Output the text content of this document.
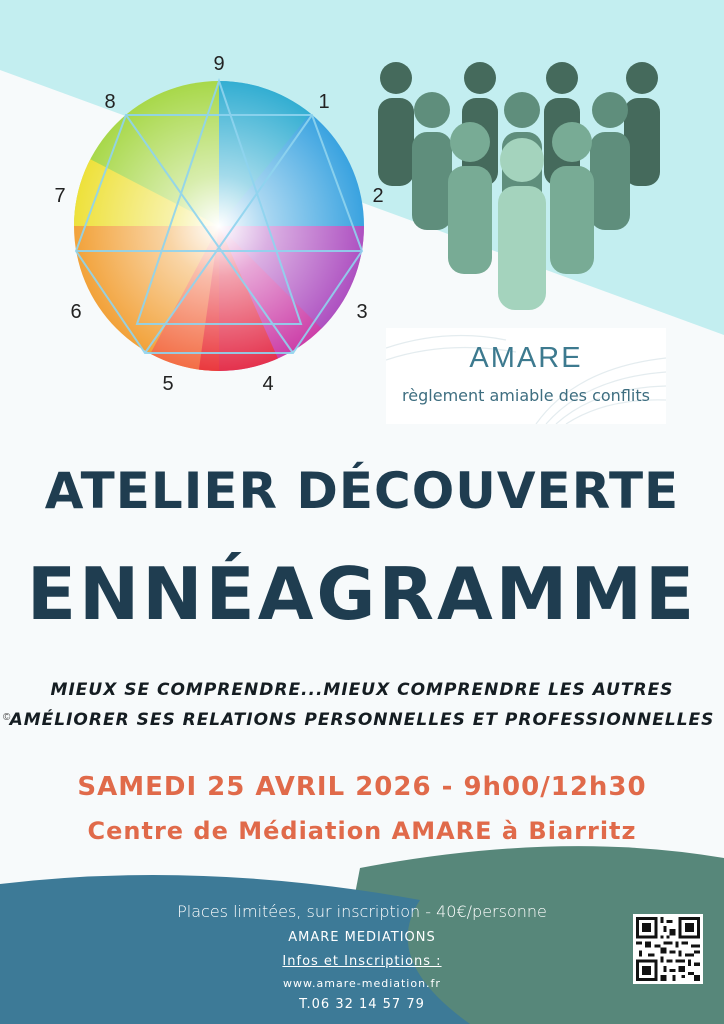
9
1
2
3
4
5
6
7
8
AMARE
règlement amiable des conflits
ATELIER DÉCOUVERTE
ENNÉAGRAMME
MIEUX SE COMPRENDRE...MIEUX COMPRENDRE LES AUTRES
© AMÉLIORER SES RELATIONS PERSONNELLES ET PROFESSIONNELLES
SAMEDI 25 AVRIL 2026 - 9h00/12h30
Centre de Médiation AMARE à Biarritz
Places limitées, sur inscription - 40€/personne
AMARE MEDIATIONS
Infos et Inscriptions :
www.amare-mediation.fr
T.06 32 14 57 79
